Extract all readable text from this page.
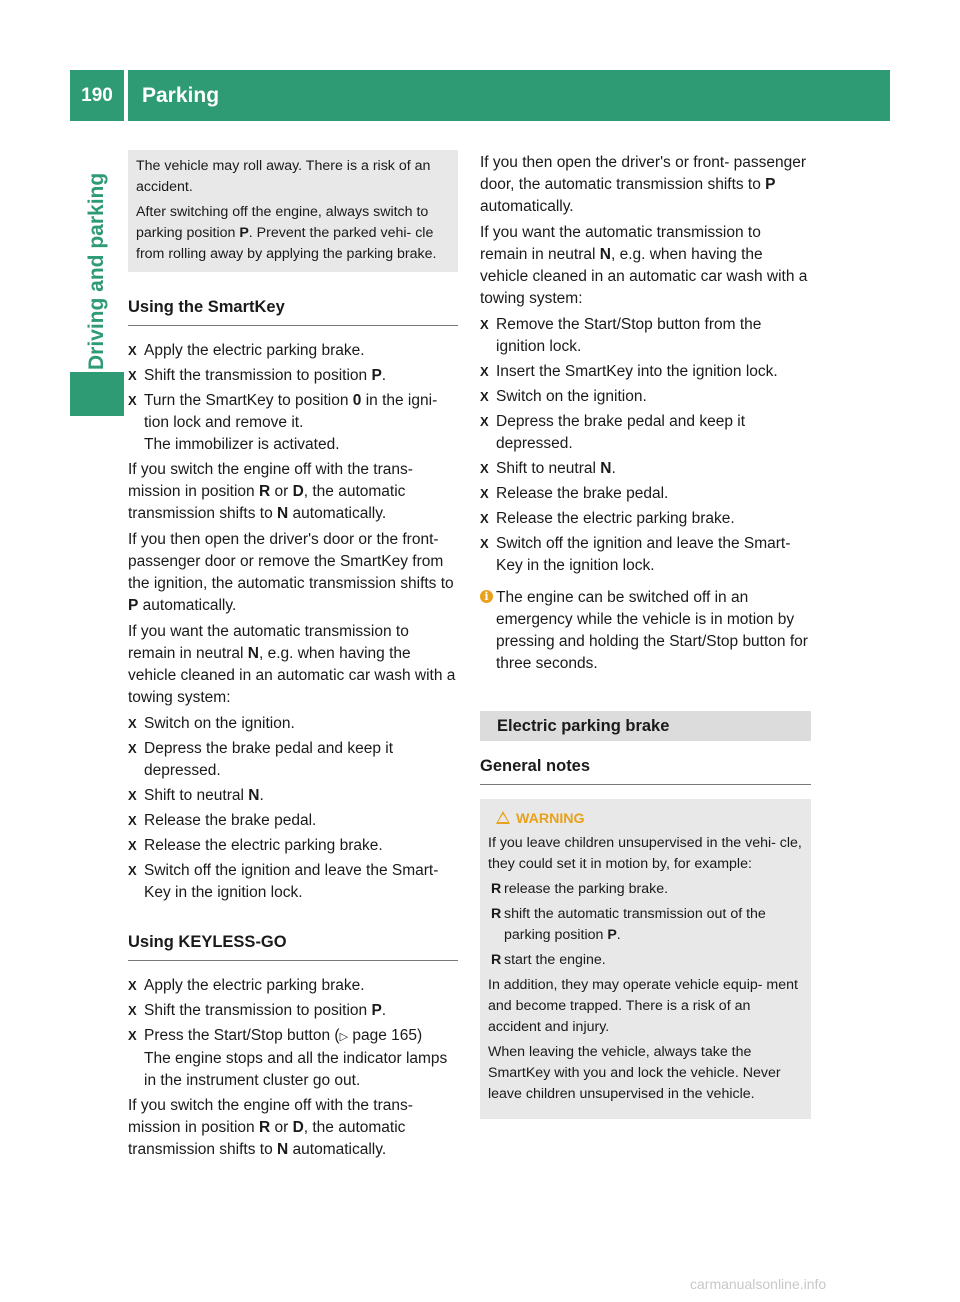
190	Parking
Driving and parking

The vehicle may roll away. There is a risk of an accident.

After switching off the engine, always switch to parking position P. Prevent the parked vehi- cle from rolling away by applying the parking brake.

Using the SmartKey
X Apply the electric parking brake.
X Shift the transmission to position P.
X Turn the SmartKey to position 0 in the igni- tion lock and remove it.
The immobilizer is activated.

If you switch the engine off with the trans- mission in position R or D, the automatic transmission shifts to N automatically.

If you then open the driver's door or the front- passenger door or remove the SmartKey from the ignition, the automatic transmission shifts to P automatically.

If you want the automatic transmission to remain in neutral N, e.g. when having the vehicle cleaned in an automatic car wash with a towing system:

X Switch on the ignition.
X Depress the brake pedal and keep it depressed.
X Shift to neutral N.
X Release the brake pedal.
X Release the electric parking brake.
X Switch off the ignition and leave the Smart- Key in the ignition lock.
Using KEYLESS-GO
X Apply the electric parking brake.
X Shift the transmission to position P.
X Press the Start/Stop button (▷ page 165)
The engine stops and all the indicator lamps in the instrument cluster go out.

If you switch the engine off with the trans- mission in position R or D, the automatic transmission shifts to N automatically.

If you then open the driver's or front- passenger door, the automatic transmission shifts to P automatically.

If you want the automatic transmission to remain in neutral N, e.g. when having the vehicle cleaned in an automatic car wash with a towing system:

X Remove the Start/Stop button from the ignition lock.
X Insert the SmartKey into the ignition lock.
X Switch on the ignition.
X Depress the brake pedal and keep it depressed.
X Shift to neutral N.
X Release the brake pedal.
X Release the electric parking brake.
X Switch off the ignition and leave the Smart- Key in the ignition lock.
i The engine can be switched off in an emergency while the vehicle is in motion by pressing and holding the Start/Stop button for three seconds.
Electric parking brake
General notes
WARNING

If you leave children unsupervised in the vehi- cle, they could set it in motion by, for example:

R release the parking brake.
R shift the automatic transmission out of the parking position P.
R start the engine.

In addition, they may operate vehicle equip- ment and become trapped. There is a risk of an accident and injury.

When leaving the vehicle, always take the SmartKey with you and lock the vehicle. Never leave children unsupervised in the vehicle.

carmanualsonline.info
